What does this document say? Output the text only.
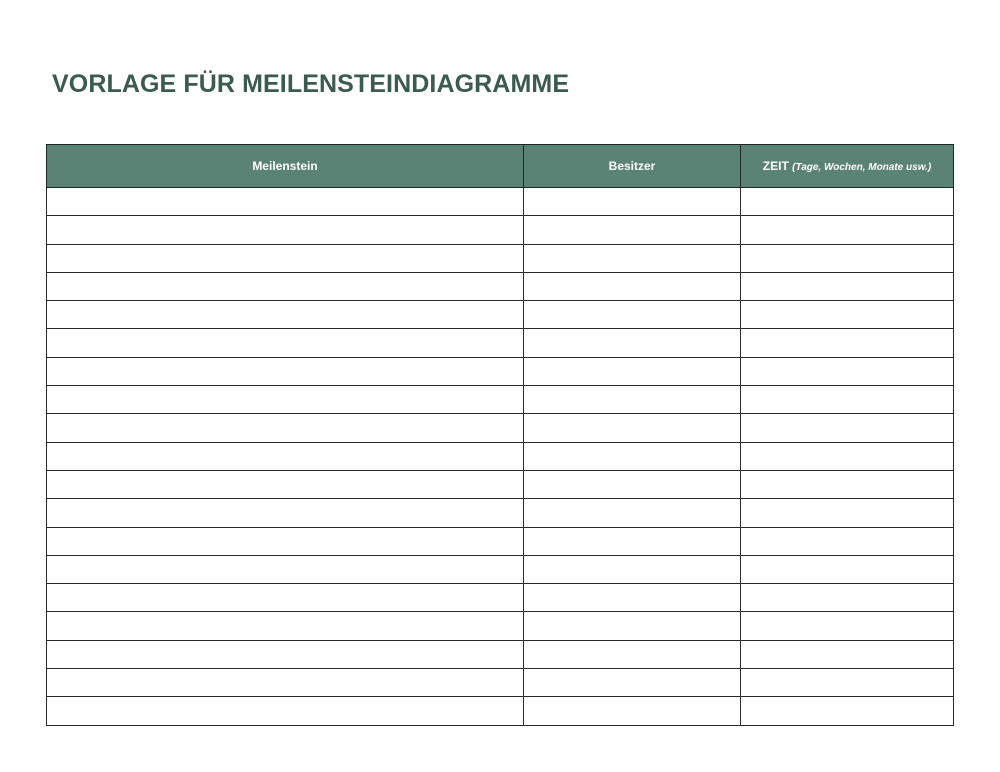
VORLAGE FÜR MEILENSTEINDIAGRAMME
Meilenstein	Besitzer	ZEIT (Tage, Wochen, Monate usw.)
